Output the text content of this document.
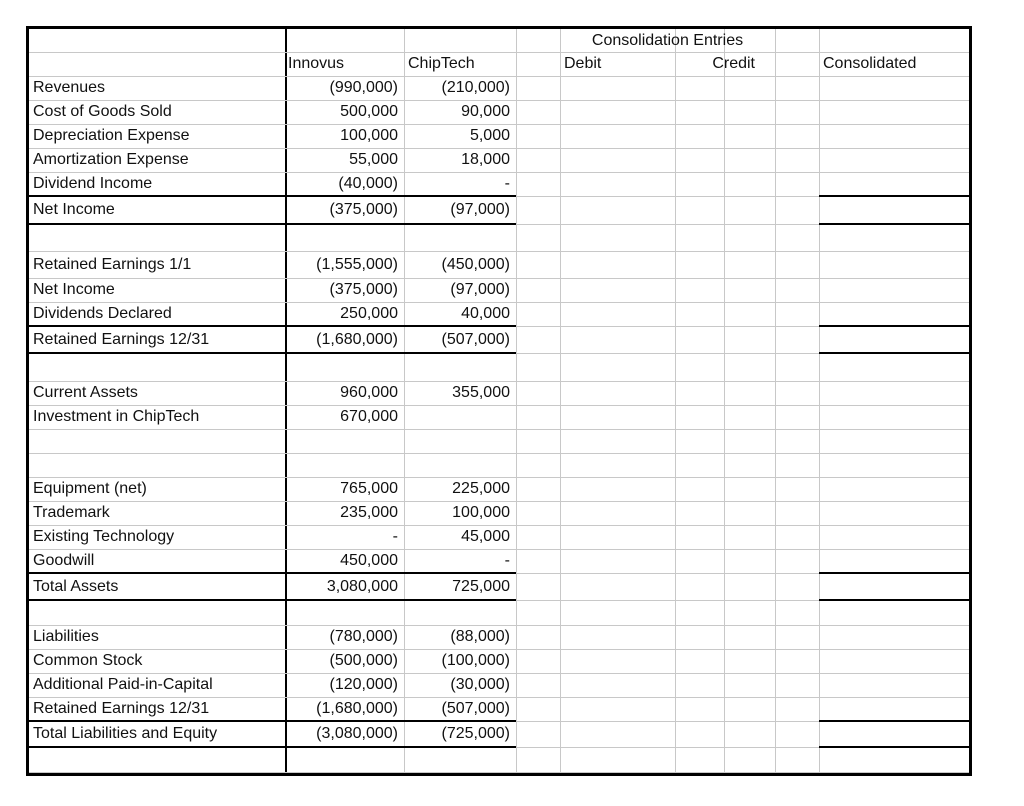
Consolidation Entries
Innovus	ChipTech	Debit	Credit	Consolidated
Revenues	(990,000)	(210,000)
Cost of Goods Sold	500,000	90,000
Depreciation Expense	100,000	5,000
Amortization Expense	55,000	18,000
Dividend Income	(40,000)	-
Net Income	(375,000)	(97,000)
Retained Earnings 1/1	(1,555,000)	(450,000)
Net Income	(375,000)	(97,000)
Dividends Declared	250,000	40,000
Retained Earnings 12/31	(1,680,000)	(507,000)
Current Assets	960,000	355,000
Investment in ChipTech	670,000
Equipment (net)	765,000	225,000
Trademark	235,000	100,000
Existing Technology	-	45,000
Goodwill	450,000	-
Total Assets	3,080,000	725,000
Liabilities	(780,000)	(88,000)
Common Stock	(500,000)	(100,000)
Additional Paid-in-Capital	(120,000)	(30,000)
Retained Earnings 12/31	(1,680,000)	(507,000)
Total Liabilities and Equity	(3,080,000)	(725,000)
